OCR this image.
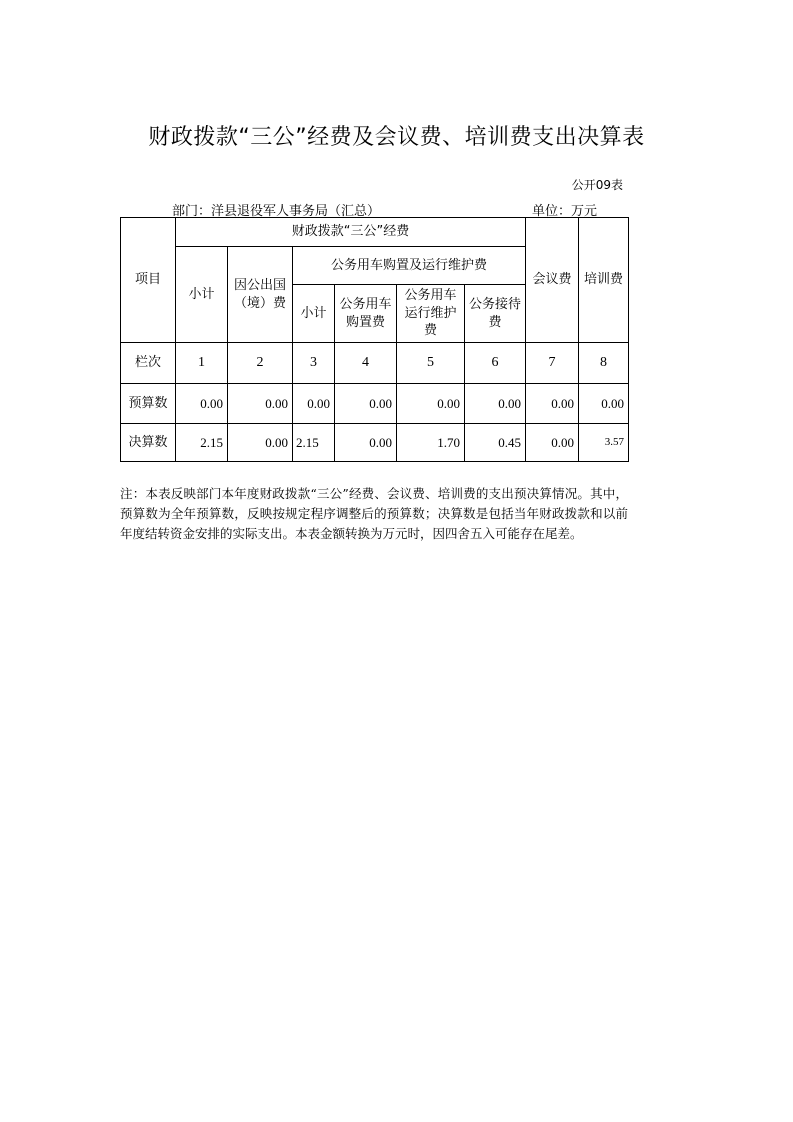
财政拨款“三公”经费及会议费、培训费支出决算表
公开09表
部门：洋县退役军人事务局（汇总）	单位：万元
项目	财政拨款“三公”经费						会议费	培训费
	小计	因公出国（境）费	公务用车购置及运行维护费					
			小计	公务用车购置费	公务用车运行维护费	公务接待费		
栏次	1	2	3	4	5	6	7	8
预算数	0.00	0.00	0.00	0.00	0.00	0.00	0.00	0.00
决算数	2.15	0.00	2.15	0.00	1.70	0.45	0.00	3.57
注：本表反映部门本年度财政拨款“三公”经费、会议费、培训费的支出预决算情况。其中，预算数为全年预算数，反映按规定程序调整后的预算数；决算数是包括当年财政拨款和以前年度结转资金安排的实际支出。本表金额转换为万元时，因四舍五入可能存在尾差。
